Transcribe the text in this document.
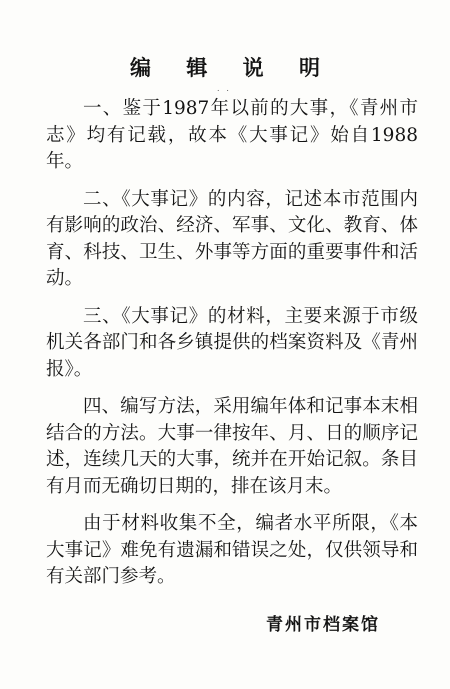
编 辑 说 明
˙ ˙

一、鉴于1987年以前的大事，《青州市志》均有记载，故本《大事记》始自1988年。

二、《大事记》的内容，记述本市范围内有影响的政治、经济、军事、文化、教育、体育、科技、卫生、外事等方面的重要事件和活动。

三、《大事记》的材料，主要来源于市级机关各部门和各乡镇提供的档案资料及《青州报》。

四、编写方法，采用编年体和记事本末相结合的方法。大事一律按年、月、日的顺序记述，连续几天的大事，统并在开始记叙。条目有月而无确切日期的，排在该月末。

由于材料收集不全，编者水平所限，《本大事记》难免有遗漏和错误之处，仅供领导和有关部门参考。

青州市档案馆
